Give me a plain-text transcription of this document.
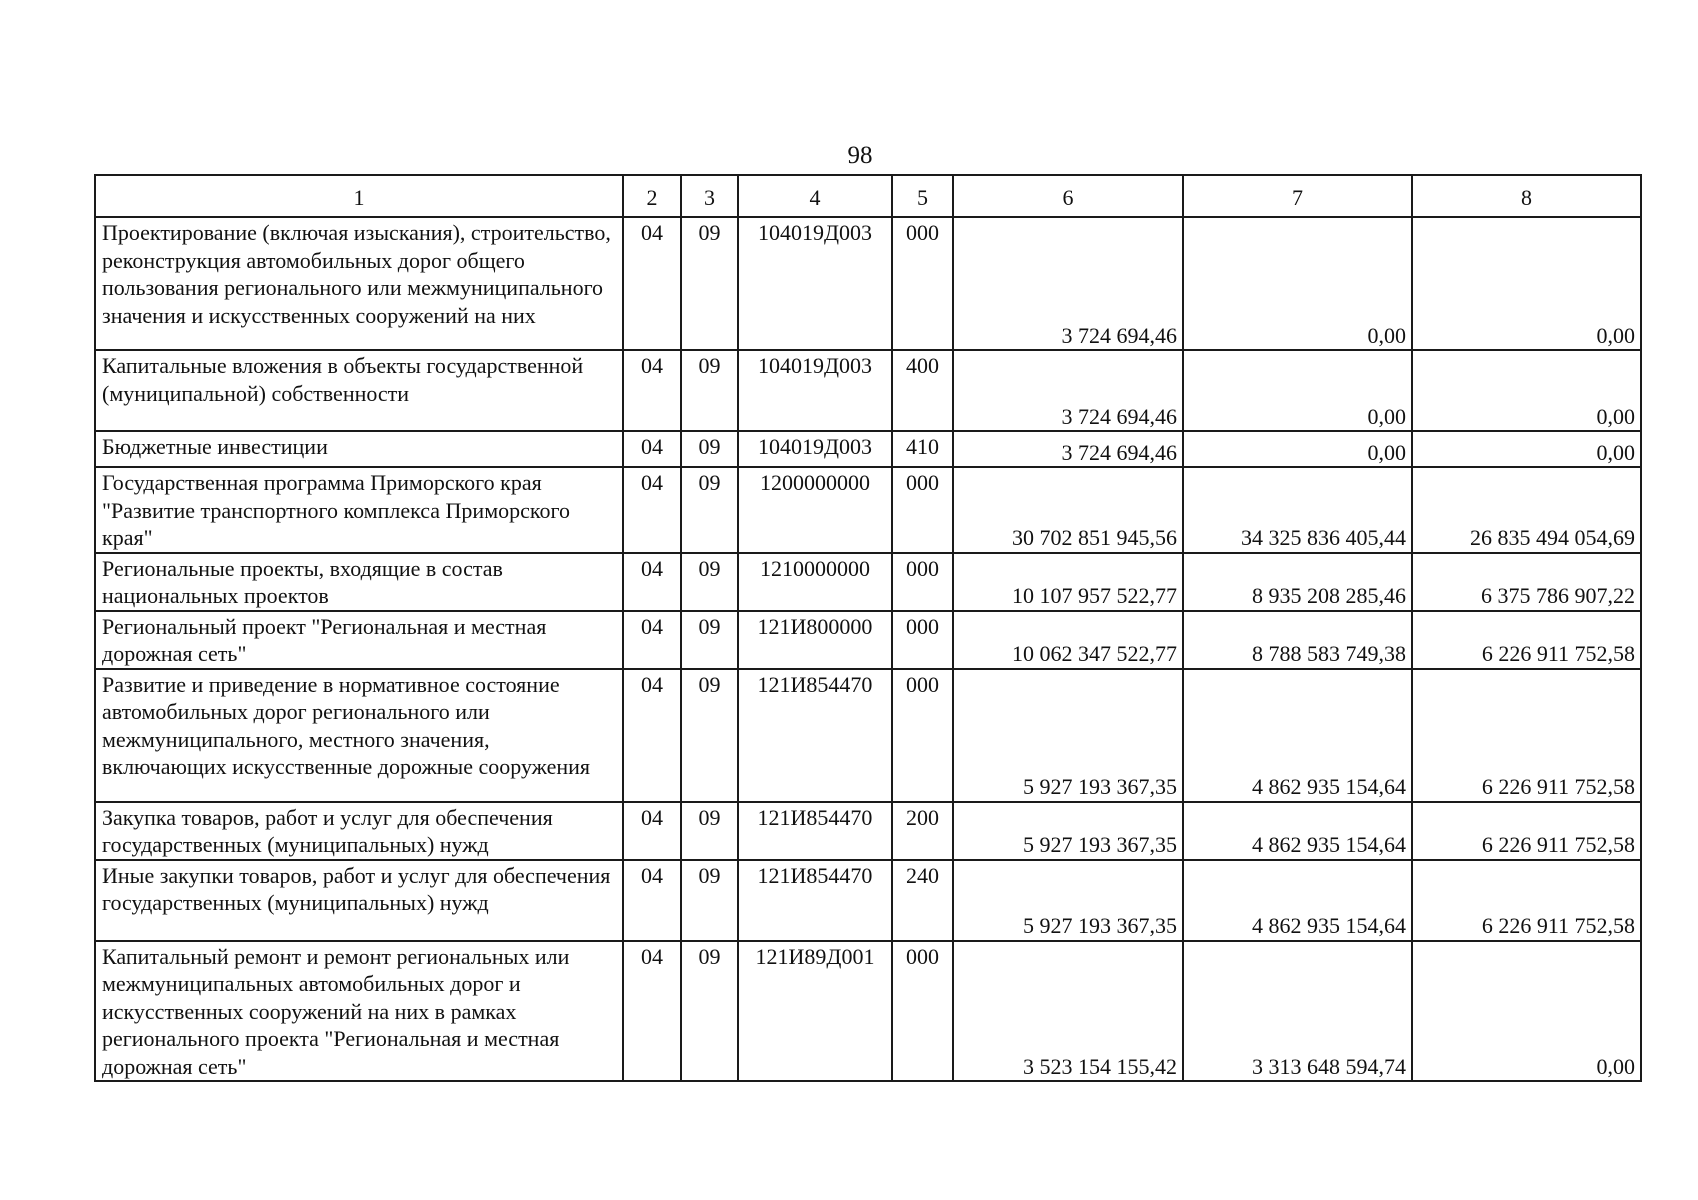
98
1	2	3	4	5	6	7	8
Проектирование (включая изыскания), строительство, реконструкция автомобильных дорог общего пользования регионального или межмуниципального значения и искусственных сооружений на них	04	09	104019Д003	000	3 724 694,46	0,00	0,00
Капитальные вложения в объекты государственной (муниципальной) собственности	04	09	104019Д003	400	3 724 694,46	0,00	0,00
Бюджетные инвестиции	04	09	104019Д003	410	3 724 694,46	0,00	0,00
Государственная программа Приморского края "Развитие транспортного комплекса Приморского края"	04	09	1200000000	000	30 702 851 945,56	34 325 836 405,44	26 835 494 054,69
Региональные проекты, входящие в состав национальных проектов	04	09	1210000000	000	10 107 957 522,77	8 935 208 285,46	6 375 786 907,22
Региональный проект "Региональная и местная дорожная сеть"	04	09	121И800000	000	10 062 347 522,77	8 788 583 749,38	6 226 911 752,58
Развитие и приведение в нормативное состояние автомобильных дорог регионального или межмуниципального, местного значения, включающих искусственные дорожные сооружения	04	09	121И854470	000	5 927 193 367,35	4 862 935 154,64	6 226 911 752,58
Закупка товаров, работ и услуг для обеспечения государственных (муниципальных) нужд	04	09	121И854470	200	5 927 193 367,35	4 862 935 154,64	6 226 911 752,58
Иные закупки товаров, работ и услуг для обеспечения государственных (муниципальных) нужд	04	09	121И854470	240	5 927 193 367,35	4 862 935 154,64	6 226 911 752,58
Капитальный ремонт и ремонт региональных или межмуниципальных автомобильных дорог и искусственных сооружений на них в рамках регионального проекта "Региональная и местная дорожная сеть"	04	09	121И89Д001	000	3 523 154 155,42	3 313 648 594,74	0,00
